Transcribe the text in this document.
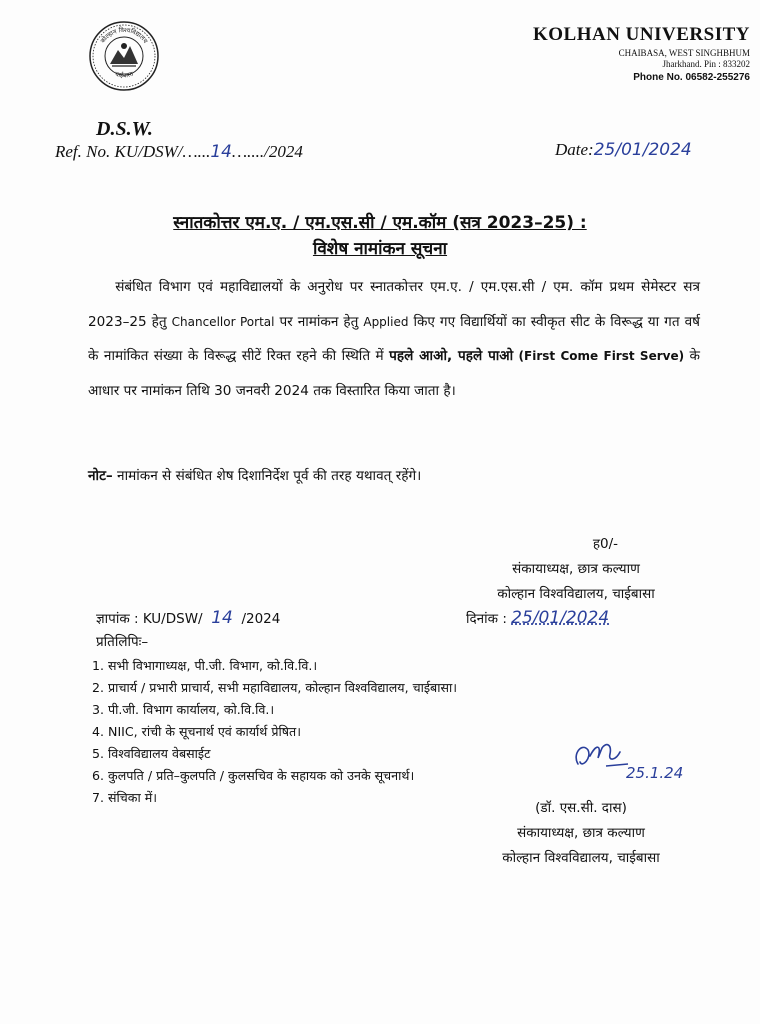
कोल्हान विश्वविद्यालय
चाईबासा
KOLHAN UNIVERSITY
CHAIBASA, WEST SINGHBHUM
Jharkhand. Pin : 833202
Phone No. 06582-255276
D.S.W.
Ref. No. KU/DSW/…...14…..../2024	Date:25/01/2024
स्नातकोत्तर एम.ए. / एम.एस.सी / एम.कॉम (सत्र 2023–25) :
विशेष नामांकन सूचना
  संबंधित विभाग एवं महाविद्यालयों के अनुरोध पर स्नातकोत्तर एम.ए. / एम.एस.सी / एम. कॉम प्रथम सेमेस्टर सत्र 2023–25 हेतु Chancellor Portal पर नामांकन हेतु Applied किए गए विद्यार्थियों का स्वीकृत सीट के विरूद्ध या गत वर्ष के नामांकित संख्या के विरूद्ध सीटें रिक्त रहने की स्थिति में पहले आओ, पहले पाओ (First Come First Serve) के आधार पर नामांकन तिथि 30 जनवरी 2024 तक विस्तारित किया जाता है।
नोट– नामांकन से संबंधित शेष दिशानिर्देश पूर्व की तरह यथावत् रहेंगे।
ह0/-
संकायाध्यक्ष, छात्र कल्याण
कोल्हान विश्वविद्यालय, चाईबासा
ज्ञापांक : KU/DSW/ 14 /2024	दिनांक : 25/01/2024
प्रतिलिपिः–
1. सभी विभागाध्यक्ष, पी.जी. विभाग, को.वि.वि.।
2. प्राचार्य / प्रभारी प्राचार्य, सभी महाविद्यालय, कोल्हान विश्वविद्यालय, चाईबासा।
3. पी.जी. विभाग कार्यालय, को.वि.वि.।
4. NIIC, रांची के सूचनार्थ एवं कार्यार्थ प्रेषित।
5. विश्वविद्यालय वेबसाईट
6. कुलपति / प्रति–कुलपति / कुलसचिव के सहायक को उनके सूचनार्थ।
7. संचिका में।
25.1.24
(डॉ. एस.सी. दास)
संकायाध्यक्ष, छात्र कल्याण
कोल्हान विश्वविद्यालय, चाईबासा
